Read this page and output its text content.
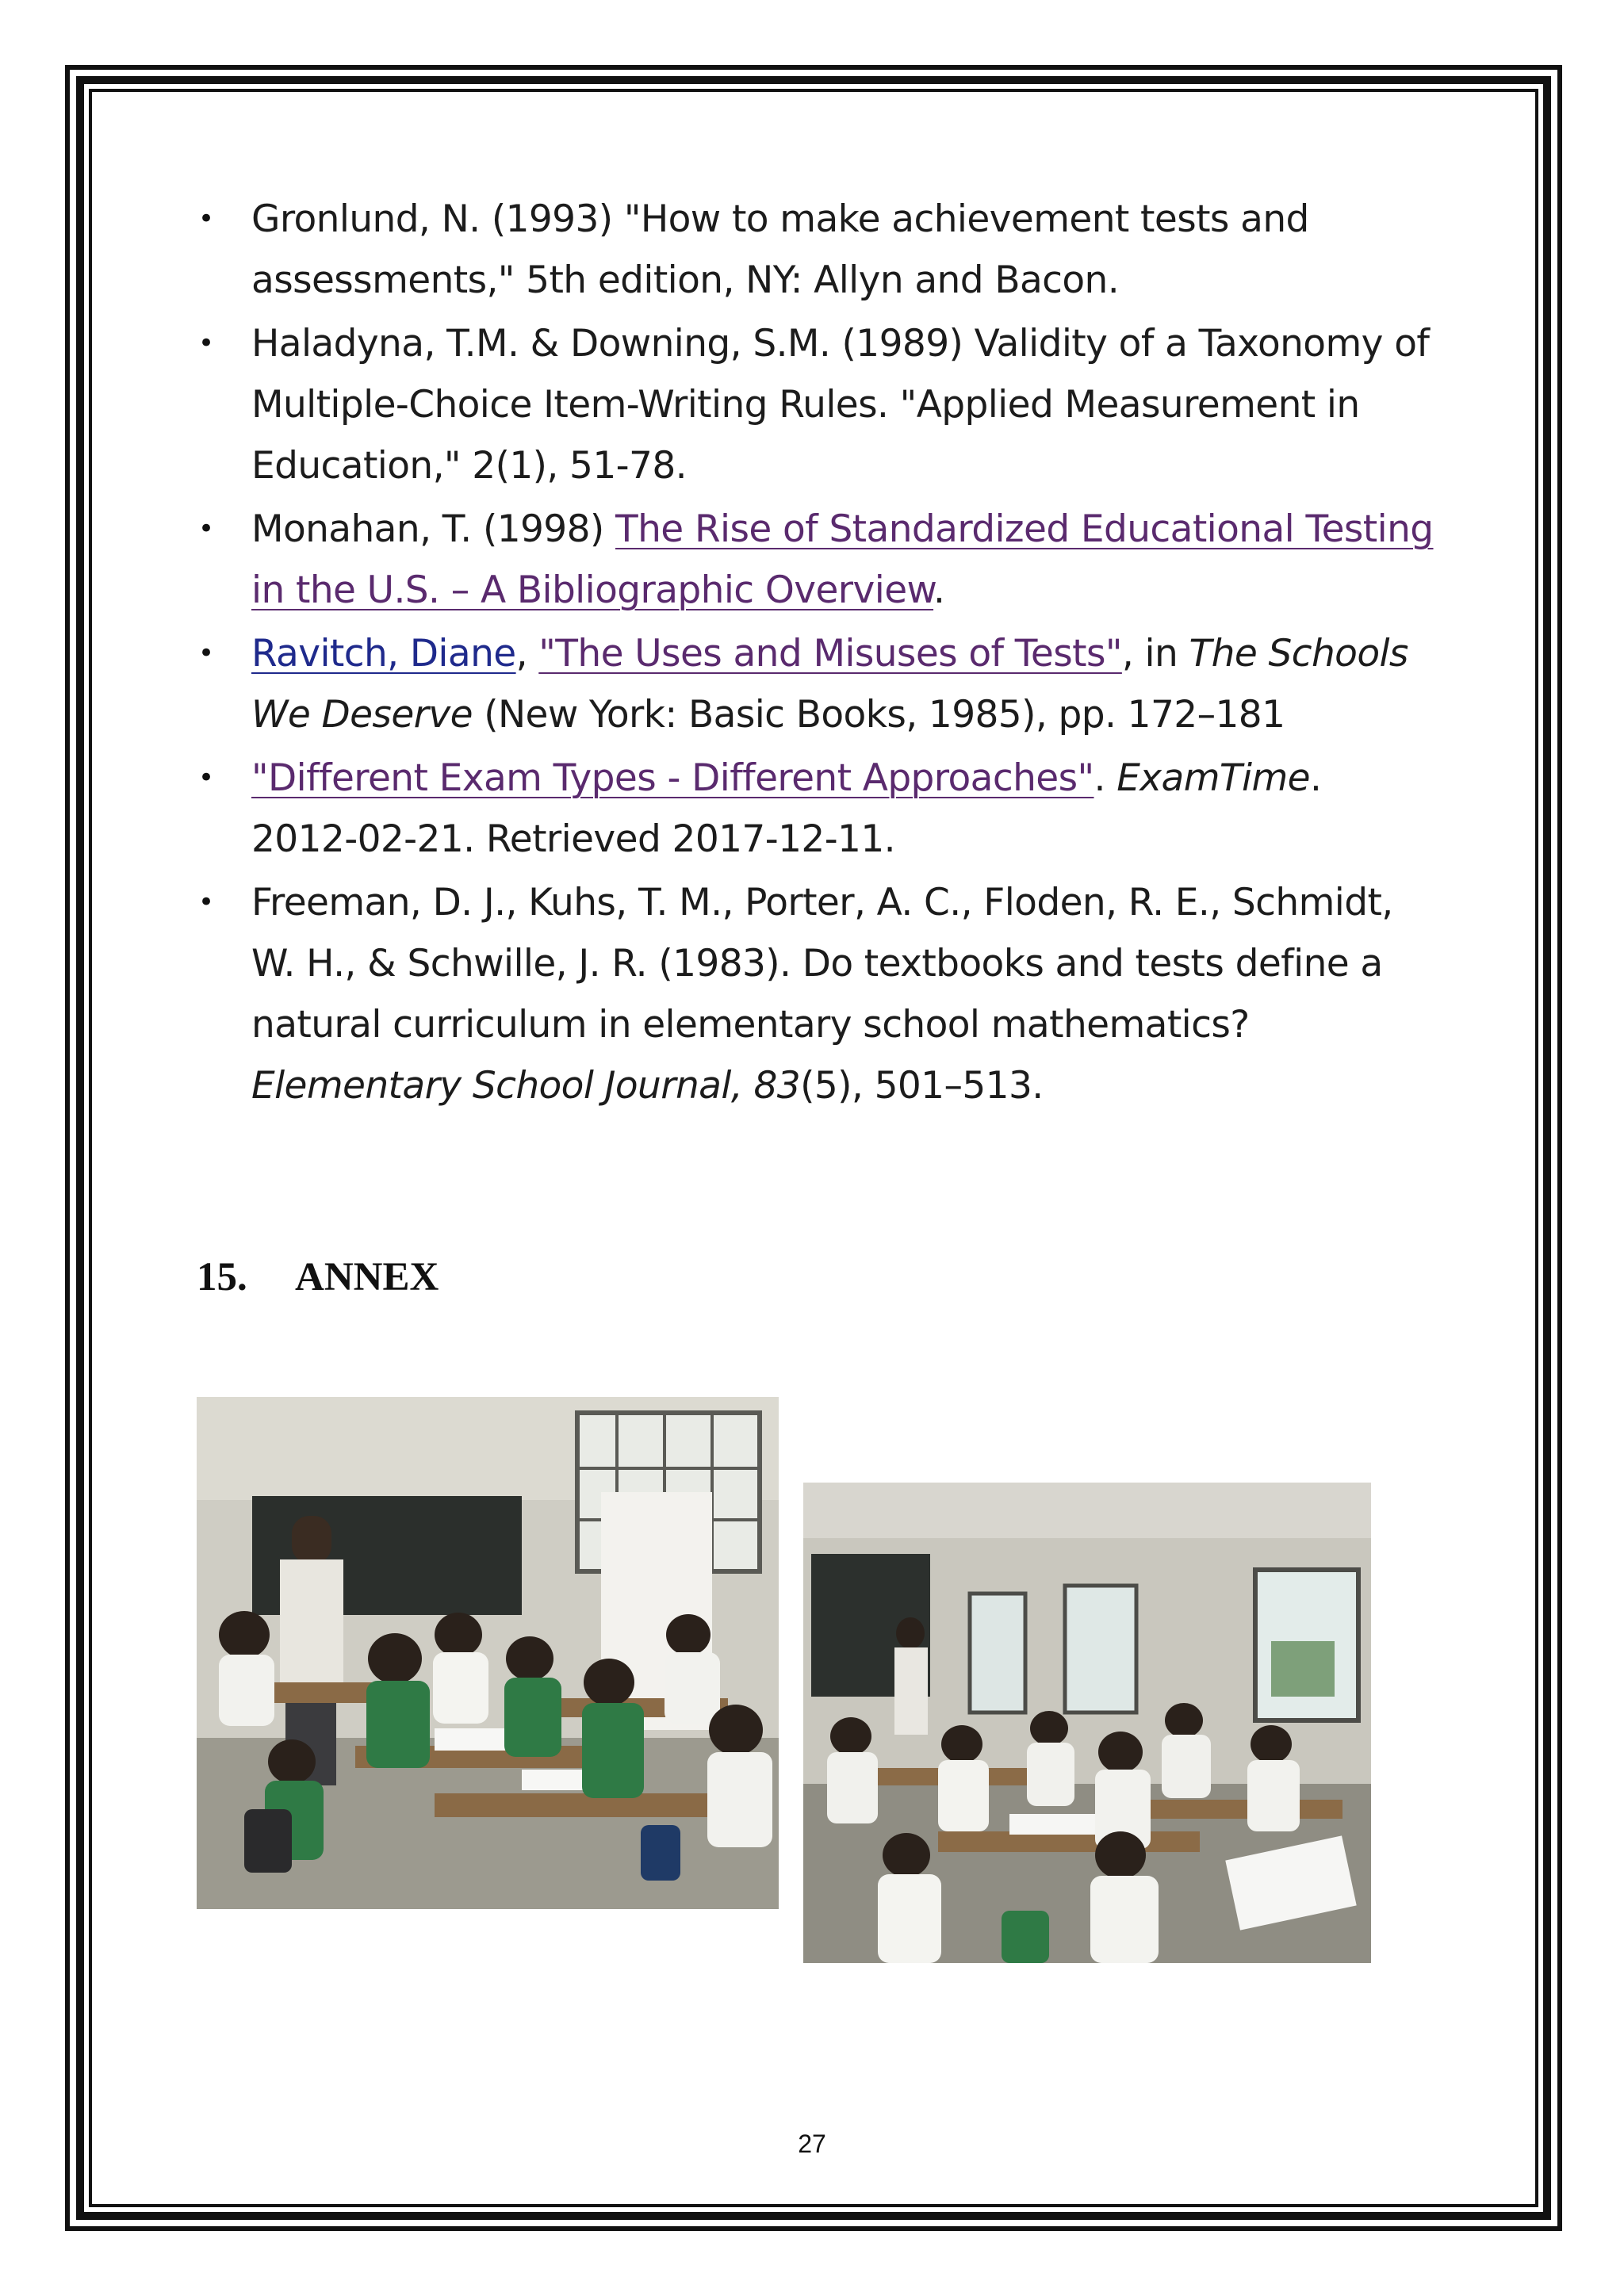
• Gronlund, N. (1993) "How to make achievement tests and assessments," 5th edition, NY: Allyn and Bacon.
• Haladyna, T.M. & Downing, S.M. (1989) Validity of a Taxonomy of Multiple-Choice Item-Writing Rules. "Applied Measurement in Education," 2(1), 51-78.
• Monahan, T. (1998) The Rise of Standardized Educational Testing in the U.S. – A Bibliographic Overview.
• Ravitch, Diane, "The Uses and Misuses of Tests", in The Schools We Deserve (New York: Basic Books, 1985), pp. 172–181
• "Different Exam Types - Different Approaches". ExamTime. 2012-02-21. Retrieved 2017-12-11.
• Freeman, D. J., Kuhs, T. M., Porter, A. C., Floden, R. E., Schmidt, W. H., & Schwille, J. R. (1983). Do textbooks and tests define a natural curriculum in elementary school mathematics? Elementary School Journal, 83(5), 501–513.
15. ANNEX
27
